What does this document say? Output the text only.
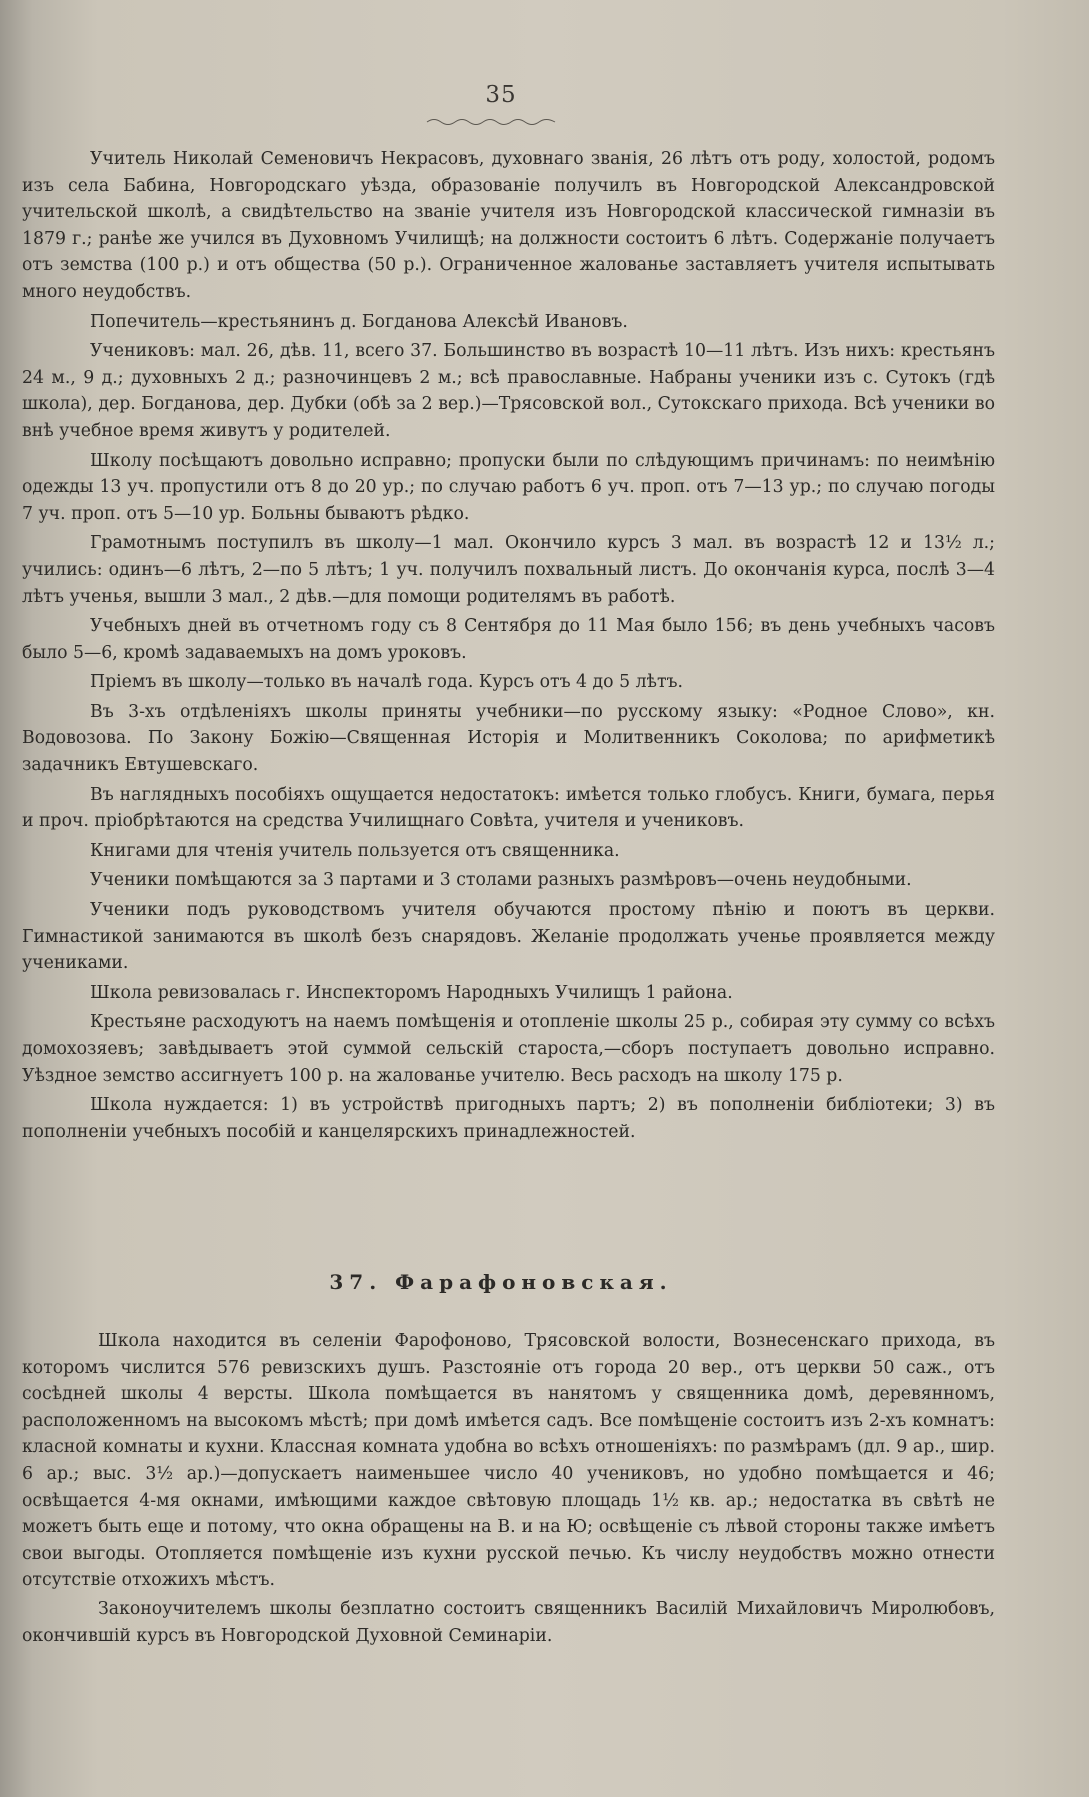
35

Учитель Николай Семеновичъ Некрасовъ, духовнаго званія, 26 лѣтъ отъ роду, холостой, родомъ изъ села Бабина, Новгородскаго уѣзда, образованіе получилъ въ Новгородской Александровской учительской школѣ, а свидѣтельство на званіе учителя изъ Новгородской классической гимназіи въ 1879 г.; ранѣе же учился въ Духовномъ Училищѣ; на должности состоитъ 6 лѣтъ. Содержаніе получаетъ отъ земства (100 р.) и отъ общества (50 р.). Ограниченное жалованье заставляетъ учителя испытывать много неудобствъ.

Попечитель—крестьянинъ д. Богданова Алексѣй Ивановъ.

Учениковъ: мал. 26, дѣв. 11, всего 37. Большинство въ возрастѣ 10—11 лѣтъ. Изъ нихъ: крестьянъ 24 м., 9 д.; духовныхъ 2 д.; разночинцевъ 2 м.; всѣ православные. Набраны ученики изъ с. Сутокъ (гдѣ школа), дер. Богданова, дер. Дубки (обѣ за 2 вер.)—Трясовской вол., Сутокскаго прихода. Всѣ ученики во внѣ учебное время живутъ у родителей.

Школу посѣщаютъ довольно исправно; пропуски были по слѣдующимъ причинамъ: по неимѣнію одежды 13 уч. пропустили отъ 8 до 20 ур.; по случаю работъ 6 уч. проп. отъ 7—13 ур.; по случаю погоды 7 уч. проп. отъ 5—10 ур. Больны бываютъ рѣдко.

Грамотнымъ поступилъ въ школу—1 мал. Окончило курсъ 3 мал. въ возрастѣ 12 и 13½ л.; учились: одинъ—6 лѣтъ, 2—по 5 лѣтъ; 1 уч. получилъ похвальный листъ. До окончанія курса, послѣ 3—4 лѣтъ ученья, вышли 3 мал., 2 дѣв.—для помощи родителямъ въ работѣ.

Учебныхъ дней въ отчетномъ году съ 8 Сентября до 11 Мая было 156; въ день учебныхъ часовъ было 5—6, кромѣ задаваемыхъ на домъ уроковъ.

Пріемъ въ школу—только въ началѣ года. Курсъ отъ 4 до 5 лѣтъ.

Въ 3-хъ отдѣленіяхъ школы приняты учебники—по русскому языку: «Родное Слово», кн. Водовозова. По Закону Божію—Священная Исторія и Молитвенникъ Соколова; по арифметикѣ задачникъ Евтушевскаго.

Въ наглядныхъ пособіяхъ ощущается недостатокъ: имѣется только глобусъ. Книги, бумага, перья и проч. пріобрѣтаются на средства Училищнаго Совѣта, учителя и учениковъ.

Книгами для чтенія учитель пользуется отъ священника.

Ученики помѣщаются за 3 партами и 3 столами разныхъ размѣровъ—очень неудобными.

Ученики подъ руководствомъ учителя обучаются простому пѣнію и поютъ въ церкви. Гимнастикой занимаются въ школѣ безъ снарядовъ. Желаніе продолжать ученье проявляется между учениками.

Школа ревизовалась г. Инспекторомъ Народныхъ Училищъ 1 района.

Крестьяне расходуютъ на наемъ помѣщенія и отопленіе школы 25 р., собирая эту сумму со всѣхъ домохозяевъ; завѣдываетъ этой суммой сельскій староста,—сборъ поступаетъ довольно исправно. Уѣздное земство ассигнуетъ 100 р. на жалованье учителю. Весь расходъ на школу 175 р.

Школа нуждается: 1) въ устройствѣ пригодныхъ партъ; 2) въ пополненіи библіотеки; 3) въ пополненіи учебныхъ пособій и канцелярскихъ принадлежностей.

37. Фарафоновская.

Школа находится въ селеніи Фарофоново, Трясовской волости, Вознесенскаго прихода, въ которомъ числится 576 ревизскихъ душъ. Разстояніе отъ города 20 вер., отъ церкви 50 саж., отъ сосѣдней школы 4 версты. Школа помѣщается въ нанятомъ у священника домѣ, деревянномъ, расположенномъ на высокомъ мѣстѣ; при домѣ имѣется садъ. Все помѣщеніе состоитъ изъ 2-хъ комнатъ: класной комнаты и кухни. Классная комната удобна во всѣхъ отношеніяхъ: по размѣрамъ (дл. 9 ар., шир. 6 ар.; выс. 3½ ар.)—допускаетъ наименьшее число 40 учениковъ, но удобно помѣщается и 46; освѣщается 4-мя окнами, имѣющими каждое свѣтовую площадь 1½ кв. ар.; недостатка въ свѣтѣ не можетъ быть еще и потому, что окна обращены на В. и на Ю; освѣщеніе съ лѣвой стороны также имѣетъ свои выгоды. Отопляется помѣщеніе изъ кухни русской печью. Къ числу неудобствъ можно отнести отсутствіе отхожихъ мѣстъ.

Законоучителемъ школы безплатно состоитъ священникъ Василій Михайловичъ Миролюбовъ, окончившій курсъ въ Новгородской Духовной Семинаріи.
